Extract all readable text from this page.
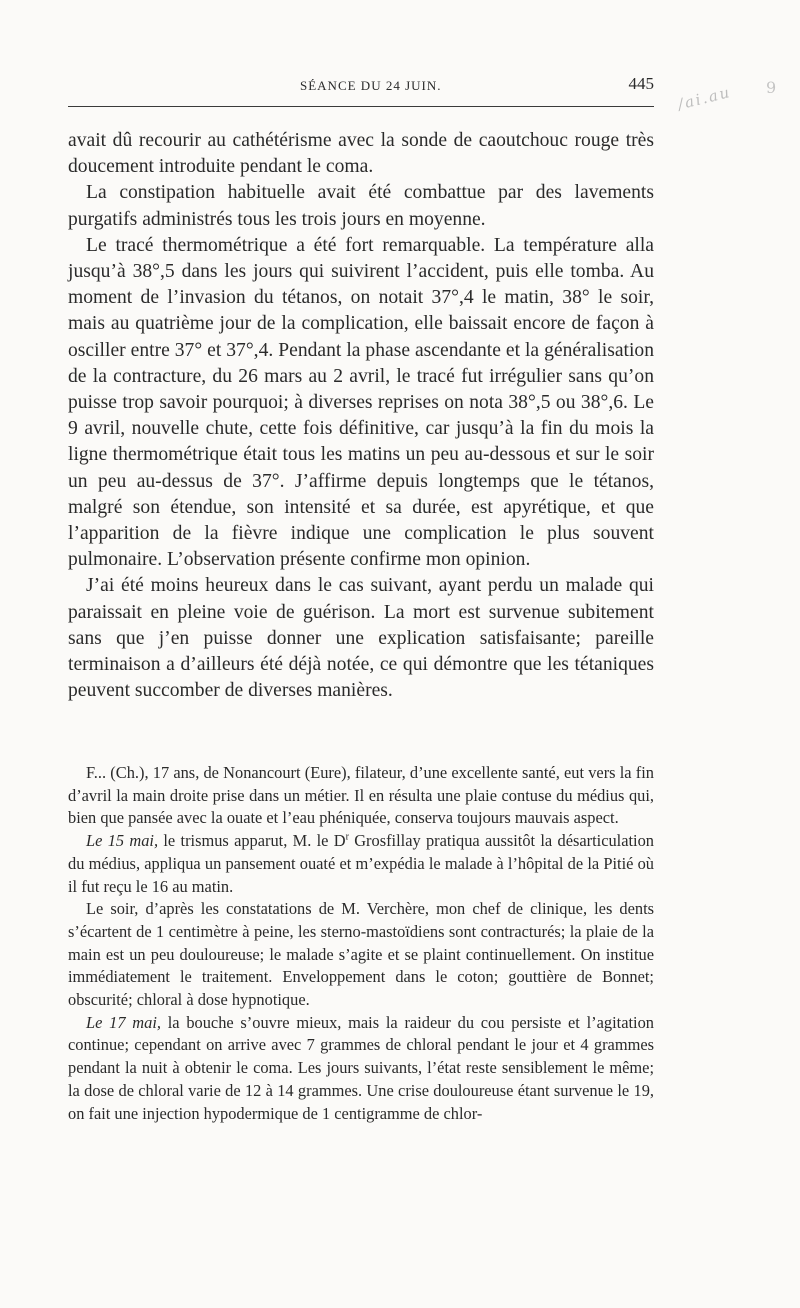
SÉANCE DU 24 JUIN.	445

avait dû recourir au cathétérisme avec la sonde de caoutchouc rouge très doucement introduite pendant le coma.

La constipation habituelle avait été combattue par des lavements purgatifs administrés tous les trois jours en moyenne.

Le tracé thermométrique a été fort remarquable. La température alla jusqu’à 38°,5 dans les jours qui suivirent l’accident, puis elle tomba. Au moment de l’invasion du tétanos, on notait 37°,4 le matin, 38° le soir, mais au quatrième jour de la complication, elle baissait encore de façon à osciller entre 37° et 37°,4. Pendant la phase ascendante et la généralisation de la contracture, du 26 mars au 2 avril, le tracé fut irrégulier sans qu’on puisse trop savoir pourquoi; à diverses reprises on nota 38°,5 ou 38°,6. Le 9 avril, nouvelle chute, cette fois définitive, car jusqu’à la fin du mois la ligne thermométrique était tous les matins un peu au-dessous et sur le soir un peu au-dessus de 37°. J’affirme depuis longtemps que le tétanos, malgré son étendue, son intensité et sa durée, est apyrétique, et que l’apparition de la fièvre indique une complication le plus souvent pulmonaire. L’observation présente confirme mon opinion.

J’ai été moins heureux dans le cas suivant, ayant perdu un malade qui paraissait en pleine voie de guérison. La mort est survenue subitement sans que j’en puisse donner une explication satisfaisante; pareille terminaison a d’ailleurs été déjà notée, ce qui démontre que les tétaniques peuvent succomber de diverses manières.

F... (Ch.), 17 ans, de Nonancourt (Eure), filateur, d’une excellente santé, eut vers la fin d’avril la main droite prise dans un métier. Il en résulta une plaie contuse du médius qui, bien que pansée avec la ouate et l’eau phéniquée, conserva toujours mauvais aspect.

Le 15 mai, le trismus apparut, M. le $D^r$ Grosfillay pratiqua aussitôt la désarticulation du médius, appliqua un pansement ouaté et m’expédia le malade à l’hôpital de la Pitié où il fut reçu le 16 au matin.

Le soir, d’après les constatations de M. Verchère, mon chef de clinique, les dents s’écartent de 1 centimètre à peine, les sterno-mastoïdiens sont contracturés; la plaie de la main est un peu douloureuse; le malade s’agite et se plaint continuellement. On institue immédiatement le traitement. Enveloppement dans le coton; gouttière de Bonnet; obscurité; chloral à dose hypnotique.

Le 17 mai, la bouche s’ouvre mieux, mais la raideur du cou persiste et l’agitation continue; cependant on arrive avec 7 grammes de chloral pendant le jour et 4 grammes pendant la nuit à obtenir le coma. Les jours suivants, l’état reste sensiblement le même; la dose de chloral varie de 12 à 14 grammes. Une crise douloureuse étant survenue le 19, on fait une injection hypodermique de 1 centigramme de chlor-

/ai.au 9
